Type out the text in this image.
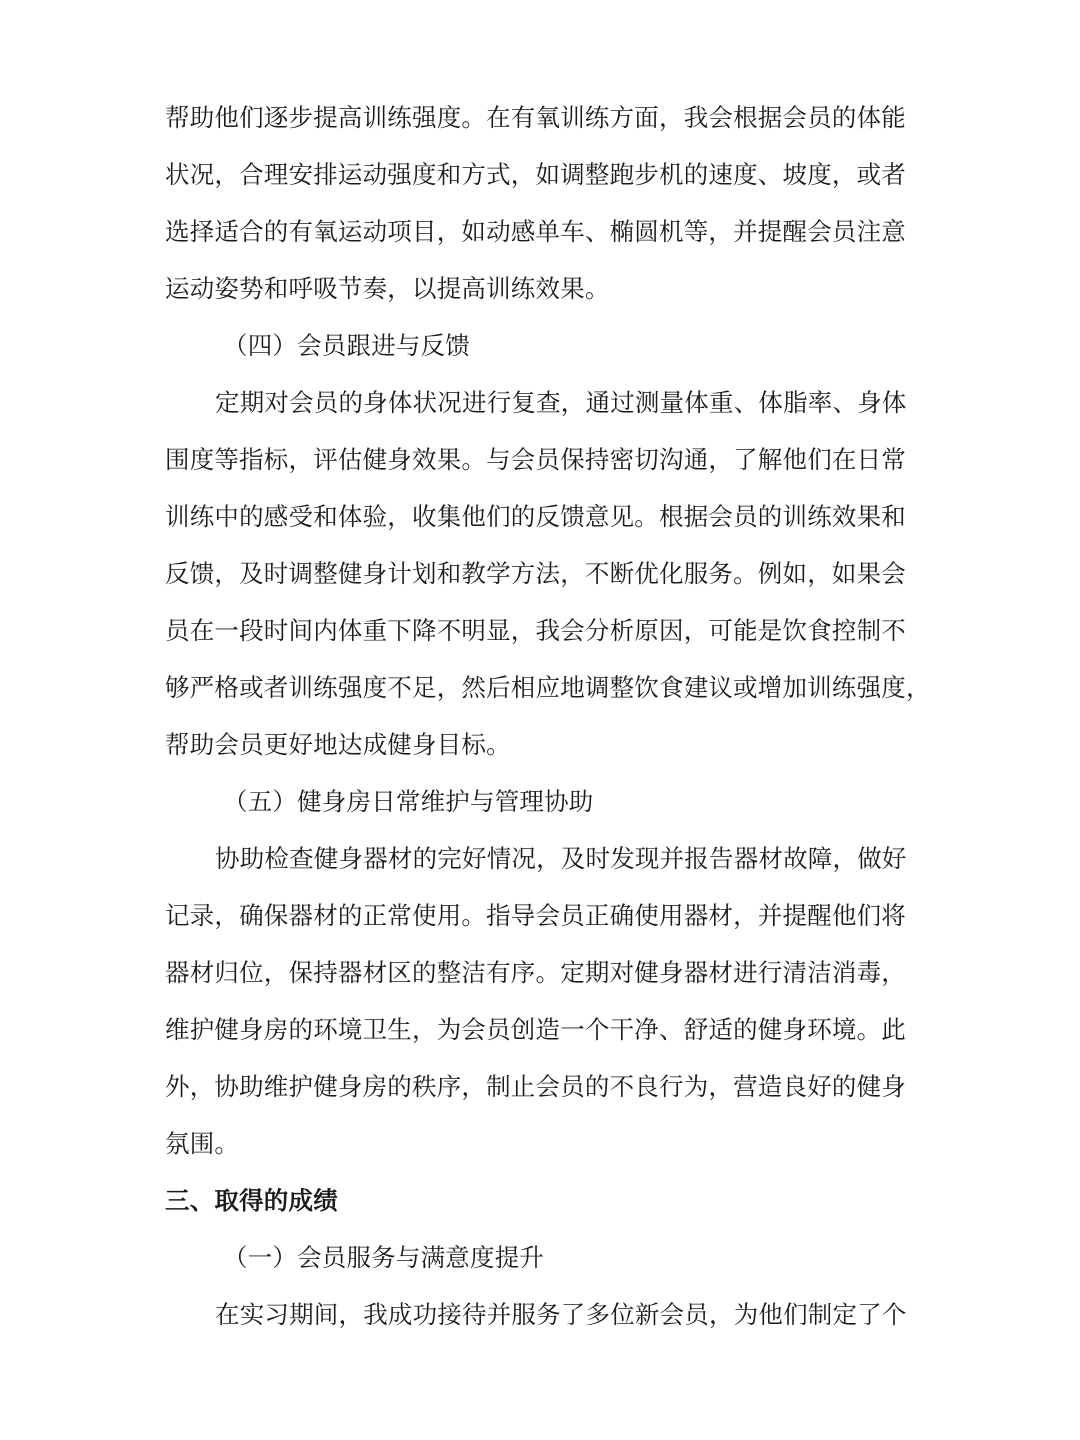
帮助他们逐步提高训练强度。在有氧训练方面，我会根据会员的体能
状况，合理安排运动强度和方式，如调整跑步机的速度、坡度，或者
选择适合的有氧运动项目，如动感单车、椭圆机等，并提醒会员注意
运动姿势和呼吸节奏，以提高训练效果。
（四）会员跟进与反馈
定期对会员的身体状况进行复查，通过测量体重、体脂率、身体
围度等指标，评估健身效果。与会员保持密切沟通，了解他们在日常
训练中的感受和体验，收集他们的反馈意见。根据会员的训练效果和
反馈，及时调整健身计划和教学方法，不断优化服务。例如，如果会
员在一段时间内体重下降不明显，我会分析原因，可能是饮食控制不
够严格或者训练强度不足，然后相应地调整饮食建议或增加训练强度，
帮助会员更好地达成健身目标。
（五）健身房日常维护与管理协助
协助检查健身器材的完好情况，及时发现并报告器材故障，做好
记录，确保器材的正常使用。指导会员正确使用器材，并提醒他们将
器材归位，保持器材区的整洁有序。定期对健身器材进行清洁消毒，
维护健身房的环境卫生，为会员创造一个干净、舒适的健身环境。此
外，协助维护健身房的秩序，制止会员的不良行为，营造良好的健身
氛围。
三、取得的成绩
（一）会员服务与满意度提升
在实习期间，我成功接待并服务了多位新会员，为他们制定了个
